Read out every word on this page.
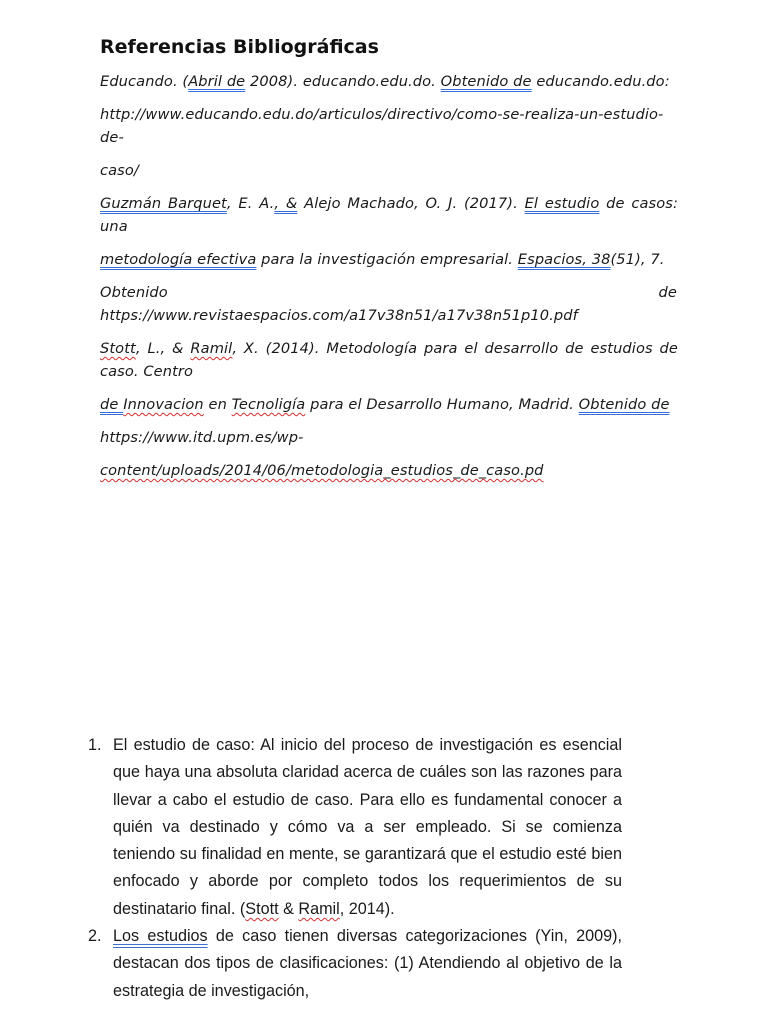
Referencias Bibliográficas

Educando. (Abril de 2008). educando.edu.do. Obtenido de educando.edu.do:

http://www.educando.edu.do/articulos/directivo/como-se-realiza-un-estudio-de-

caso/

Guzmán Barquet, E. A., & Alejo Machado, O. J. (2017). El estudio de casos: una

metodología efectiva para la investigación empresarial. Espacios, 38(51), 7.

Obtenido de
https://www.revistaespacios.com/a17v38n51/a17v38n51p10.pdf

Stott, L., & Ramil, X. (2014). Metodología para el desarrollo de estudios de caso. Centro

de Innovacion en Tecnoligía para el Desarrollo Humano, Madrid. Obtenido de

https://www.itd.upm.es/wp-

content/uploads/2014/06/metodologia_estudios_de_caso.pd

1. El estudio de caso: Al inicio del proceso de investigación es esencial que haya una absoluta claridad acerca de cuáles son las razones para llevar a cabo el estudio de caso. Para ello es fundamental conocer a quién va destinado y cómo va a ser empleado. Si se comienza teniendo su finalidad en mente, se garantizará que el estudio esté bien enfocado y aborde por completo todos los requerimientos de su destinatario final. (Stott & Ramil, 2014).
2. Los estudios de caso tienen diversas categorizaciones (Yin, 2009), destacan dos tipos de clasificaciones: (1) Atendiendo al objetivo de la estrategia de investigación,
